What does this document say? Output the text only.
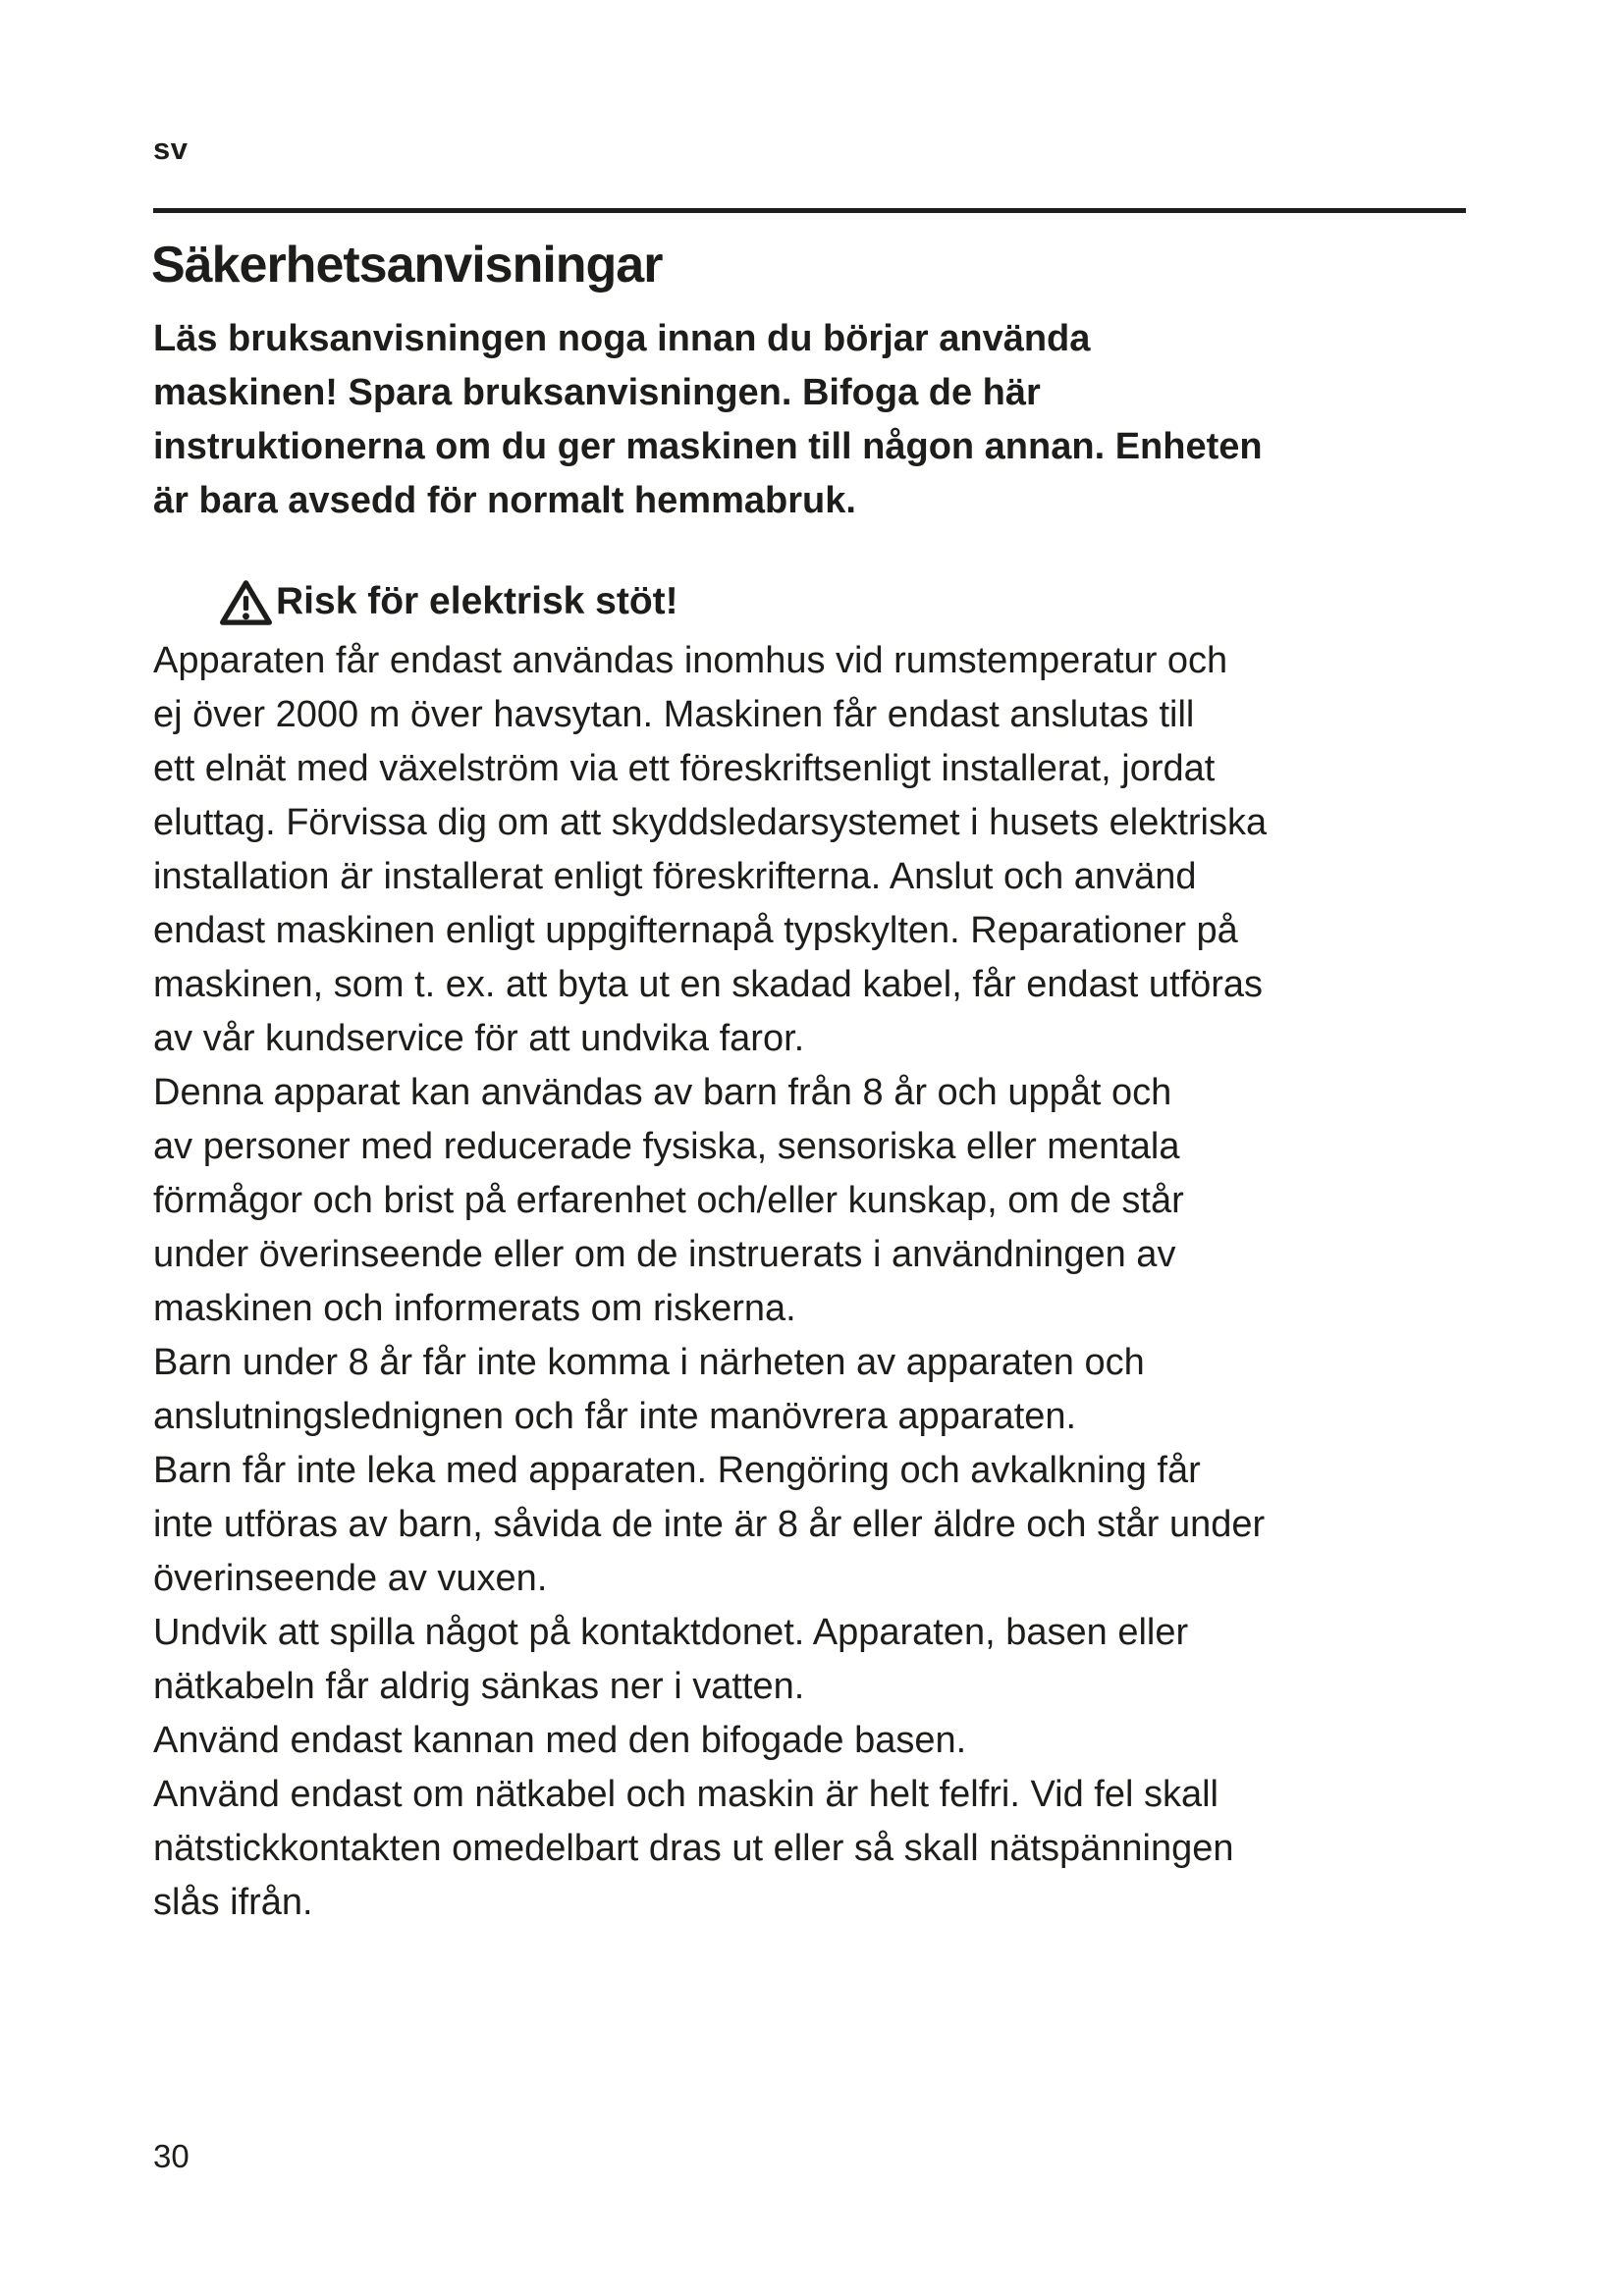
sv
Säkerhetsanvisningar
Läs bruksanvisningen noga innan du börjar använda
maskinen! Spara bruksanvisningen. Bifoga de här
instruktionerna om du ger maskinen till någon annan. Enheten
är bara avsedd för normalt hemmabruk.
Risk för elektrisk stöt!
Apparaten får endast användas inomhus vid rumstemperatur och
ej över 2000 m över havsytan. Maskinen får endast anslutas till
ett elnät med växelström via ett föreskriftsenligt installerat, jordat
eluttag. Förvissa dig om att skyddsledarsystemet i husets elektriska
installation är installerat enligt föreskrifterna. Anslut och använd
endast maskinen enligt uppgifternapå typskylten. Reparationer på
maskinen, som t. ex. att byta ut en skadad kabel, får endast utföras
av vår kundservice för att undvika faror.
Denna apparat kan användas av barn från 8 år och uppåt och
av personer med reducerade fysiska, sensoriska eller mentala
förmågor och brist på erfarenhet och/eller kunskap, om de står
under överinseende eller om de instruerats i användningen av
maskinen och informerats om riskerna.
Barn under 8 år får inte komma i närheten av apparaten och
anslutningslednignen och får inte manövrera apparaten.
Barn får inte leka med apparaten. Rengöring och avkalkning får
inte utföras av barn, såvida de inte är 8 år eller äldre och står under
överinseende av vuxen.
Undvik att spilla något på kontaktdonet. Apparaten, basen eller
nätkabeln får aldrig sänkas ner i vatten.
Använd endast kannan med den bifogade basen.
Använd endast om nätkabel och maskin är helt felfri. Vid fel skall
nätstickkontakten omedelbart dras ut eller så skall nätspänningen
slås ifrån.
30
